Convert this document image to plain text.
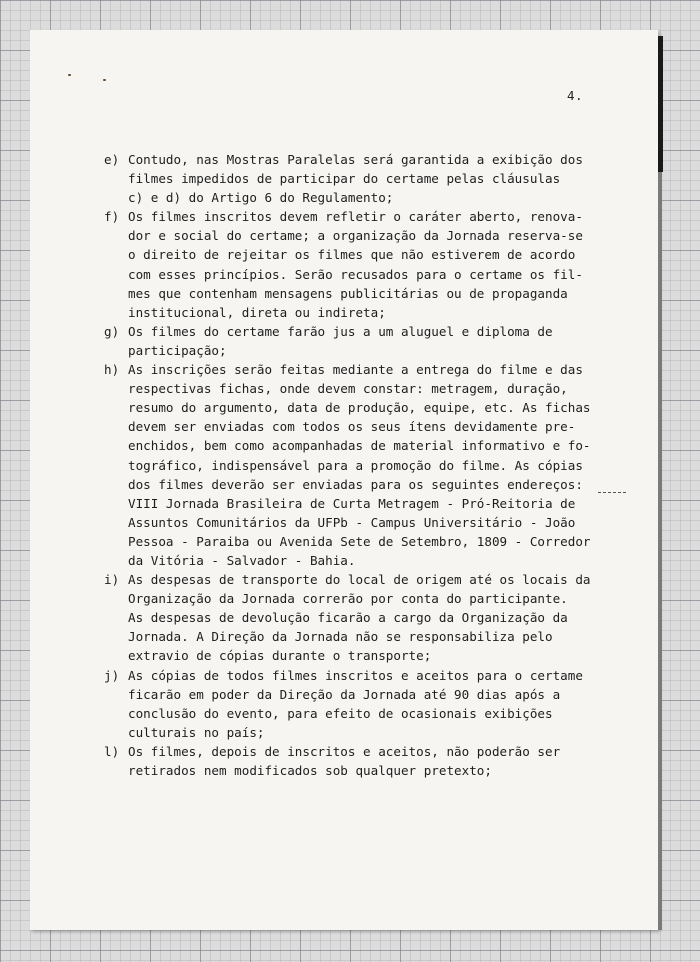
4.
e) Contudo, nas Mostras Paralelas será garantida a exibição dos
filmes impedidos de participar do certame pelas cláusulas
c) e d) do Artigo 6 do Regulamento;
f) Os filmes inscritos devem refletir o caráter aberto, renova-
dor e social do certame; a organização da Jornada reserva-se
o direito de rejeitar os filmes que não estiverem de acordo
com esses princípios. Serão recusados para o certame os fil-
mes que contenham mensagens publicitárias ou de propaganda
institucional, direta ou indireta;
g) Os filmes do certame farão jus a um aluguel e diploma de
participação;
h) As inscrições serão feitas mediante a entrega do filme e das
respectivas fichas, onde devem constar: metragem, duração,
resumo do argumento, data de produção, equipe, etc. As fichas
devem ser enviadas com todos os seus ítens devidamente pre-
enchidos, bem como acompanhadas de material informativo e fo-
tográfico, indispensável para a promoção do filme. As cópias
dos filmes deverão ser enviadas para os seguintes endereços:
VIII Jornada Brasileira de Curta Metragem - Pró-Reitoria de
Assuntos Comunitários da UFPb - Campus Universitário - João
Pessoa - Paraiba ou Avenida Sete de Setembro, 1809 - Corredor
da Vitória - Salvador - Bahia.
i) As despesas de transporte do local de origem até os locais da
Organização da Jornada correrão por conta do participante.
As despesas de devolução ficarão a cargo da Organização da
Jornada. A Direção da Jornada não se responsabiliza pelo
extravio de cópias durante o transporte;
j) As cópias de todos filmes inscritos e aceitos para o certame
ficarão em poder da Direção da Jornada até 90 dias após a
conclusão do evento, para efeito de ocasionais exibições
culturais no país;
l) Os filmes, depois de inscritos e aceitos, não poderão ser
retirados nem modificados sob qualquer pretexto;
